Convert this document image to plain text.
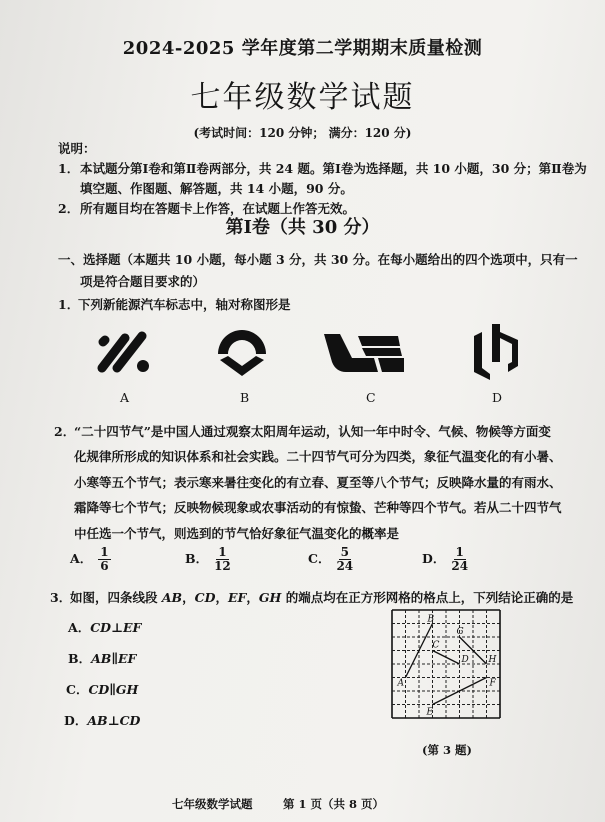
2024-2025 学年度第二学期期末质量检测
七年级数学试题
(考试时间：120 分钟； 满分：120 分)
说明：
1． 本试题分第Ⅰ卷和第Ⅱ卷两部分，共 24 题。第Ⅰ卷为选择题，共 10 小题，30 分；第Ⅱ卷为
填空题、作图题、解答题，共 14 小题，90 分。
2． 所有题目均在答题卡上作答，在试题上作答无效。
第Ⅰ卷（共 30 分）
一、选择题（本题共 10 小题，每小题 3 分，共 30 分。在每小题给出的四个选项中，只有一
项是符合题目要求的）
1．
下列新能源汽车标志中，轴对称图形是
A	B	C	D
2．
“二十四节气”是中国人通过观察太阳周年运动，认知一年中时令、气候、物候等方面变
化规律所形成的知识体系和社会实践。二十四节气可分为四类，象征气温变化的有小暑、
小寒等五个节气；表示寒来暑往变化的有立春、夏至等八个节气；反映降水量的有雨水、
霜降等七个节气；反映物候现象或农事活动的有惊蛰、芒种等四个节气。若从二十四节气
中任选一个节气，则选到的节气恰好象征气温变化的概率是
A． $\frac{1}{6}$	B． $\frac{1}{12}$	C． $\frac{5}{24}$	D． $\frac{1}{24}$
3．
如图，四条线段 AB，CD，EF，GH 的端点均在正方形网格的格点上，下列结论正确的是
A．CD⊥EF
B．AB∥EF
C．CD∥GH
D．AB⊥CD
A
B
C
D
E
F
G
H
(第 3 题)
七年级数学试题	第 1 页（共 8 页）
